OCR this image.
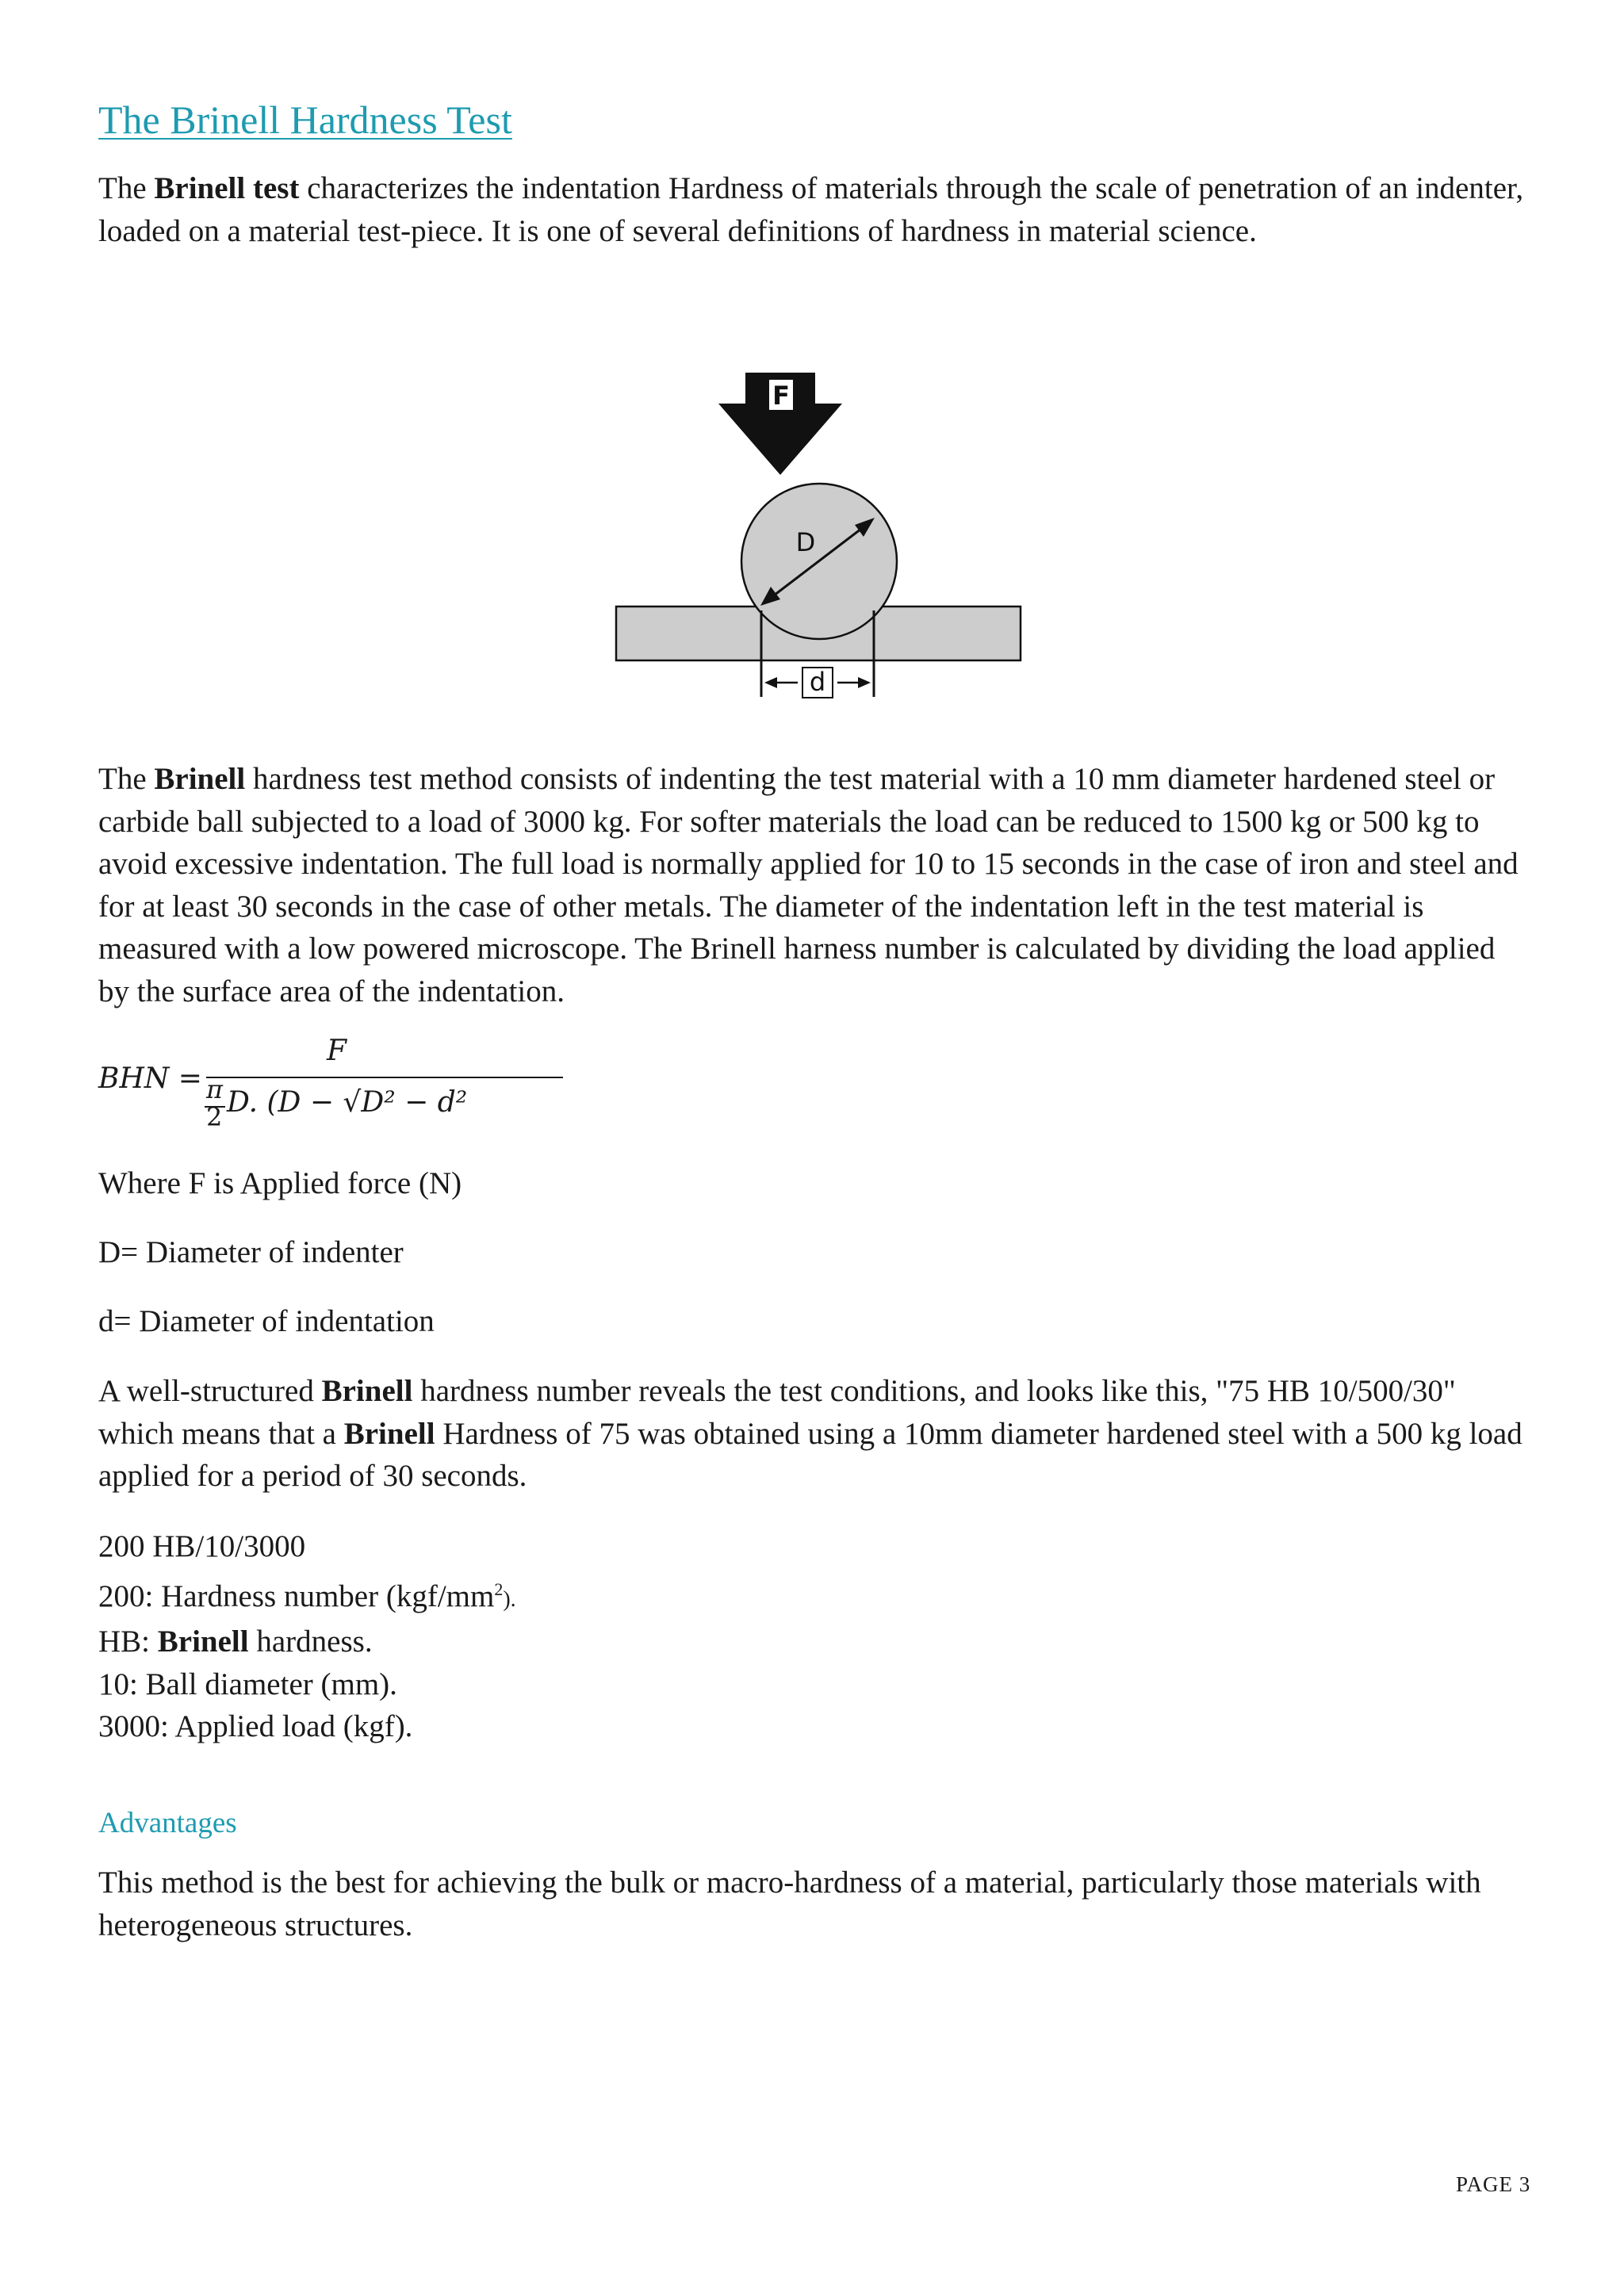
The Brinell Hardness Test

The Brinell test characterizes the indentation Hardness of materials through the scale of penetration of an indenter, loaded on a material test-piece. It is one of several definitions of hardness in material science.

F
D
d

The Brinell hardness test method consists of indenting the test material with a 10 mm diameter hardened steel or carbide ball subjected to a load of 3000 kg. For softer materials the load can be reduced to 1500 kg or 500 kg to avoid excessive indentation. The full load is normally applied for 10 to 15 seconds in the case of iron and steel and for at least 30 seconds in the case of other metals. The diameter of the indentation left in the test material is measured with a low powered microscope. The Brinell harness number is calculated by dividing the load applied by the surface area of the indentation.

BHN =
F
π
2 D. (D − √D² − d²

Where F is Applied force (N)

D= Diameter of indenter

d= Diameter of indentation

A well-structured Brinell hardness number reveals the test conditions, and looks like this, "75 HB 10/500/30" which means that a Brinell Hardness of 75 was obtained using a 10mm diameter hardened steel with a 500 kg load applied for a period of 30 seconds.

200 HB/10/3000
200: Hardness number $(kgf/mm^2)$.
HB: Brinell hardness.
10: Ball diameter (mm).
3000: Applied load (kgf).
Advantages

This method is the best for achieving the bulk or macro-hardness of a material, particularly those materials with heterogeneous structures.

PAGE 3
